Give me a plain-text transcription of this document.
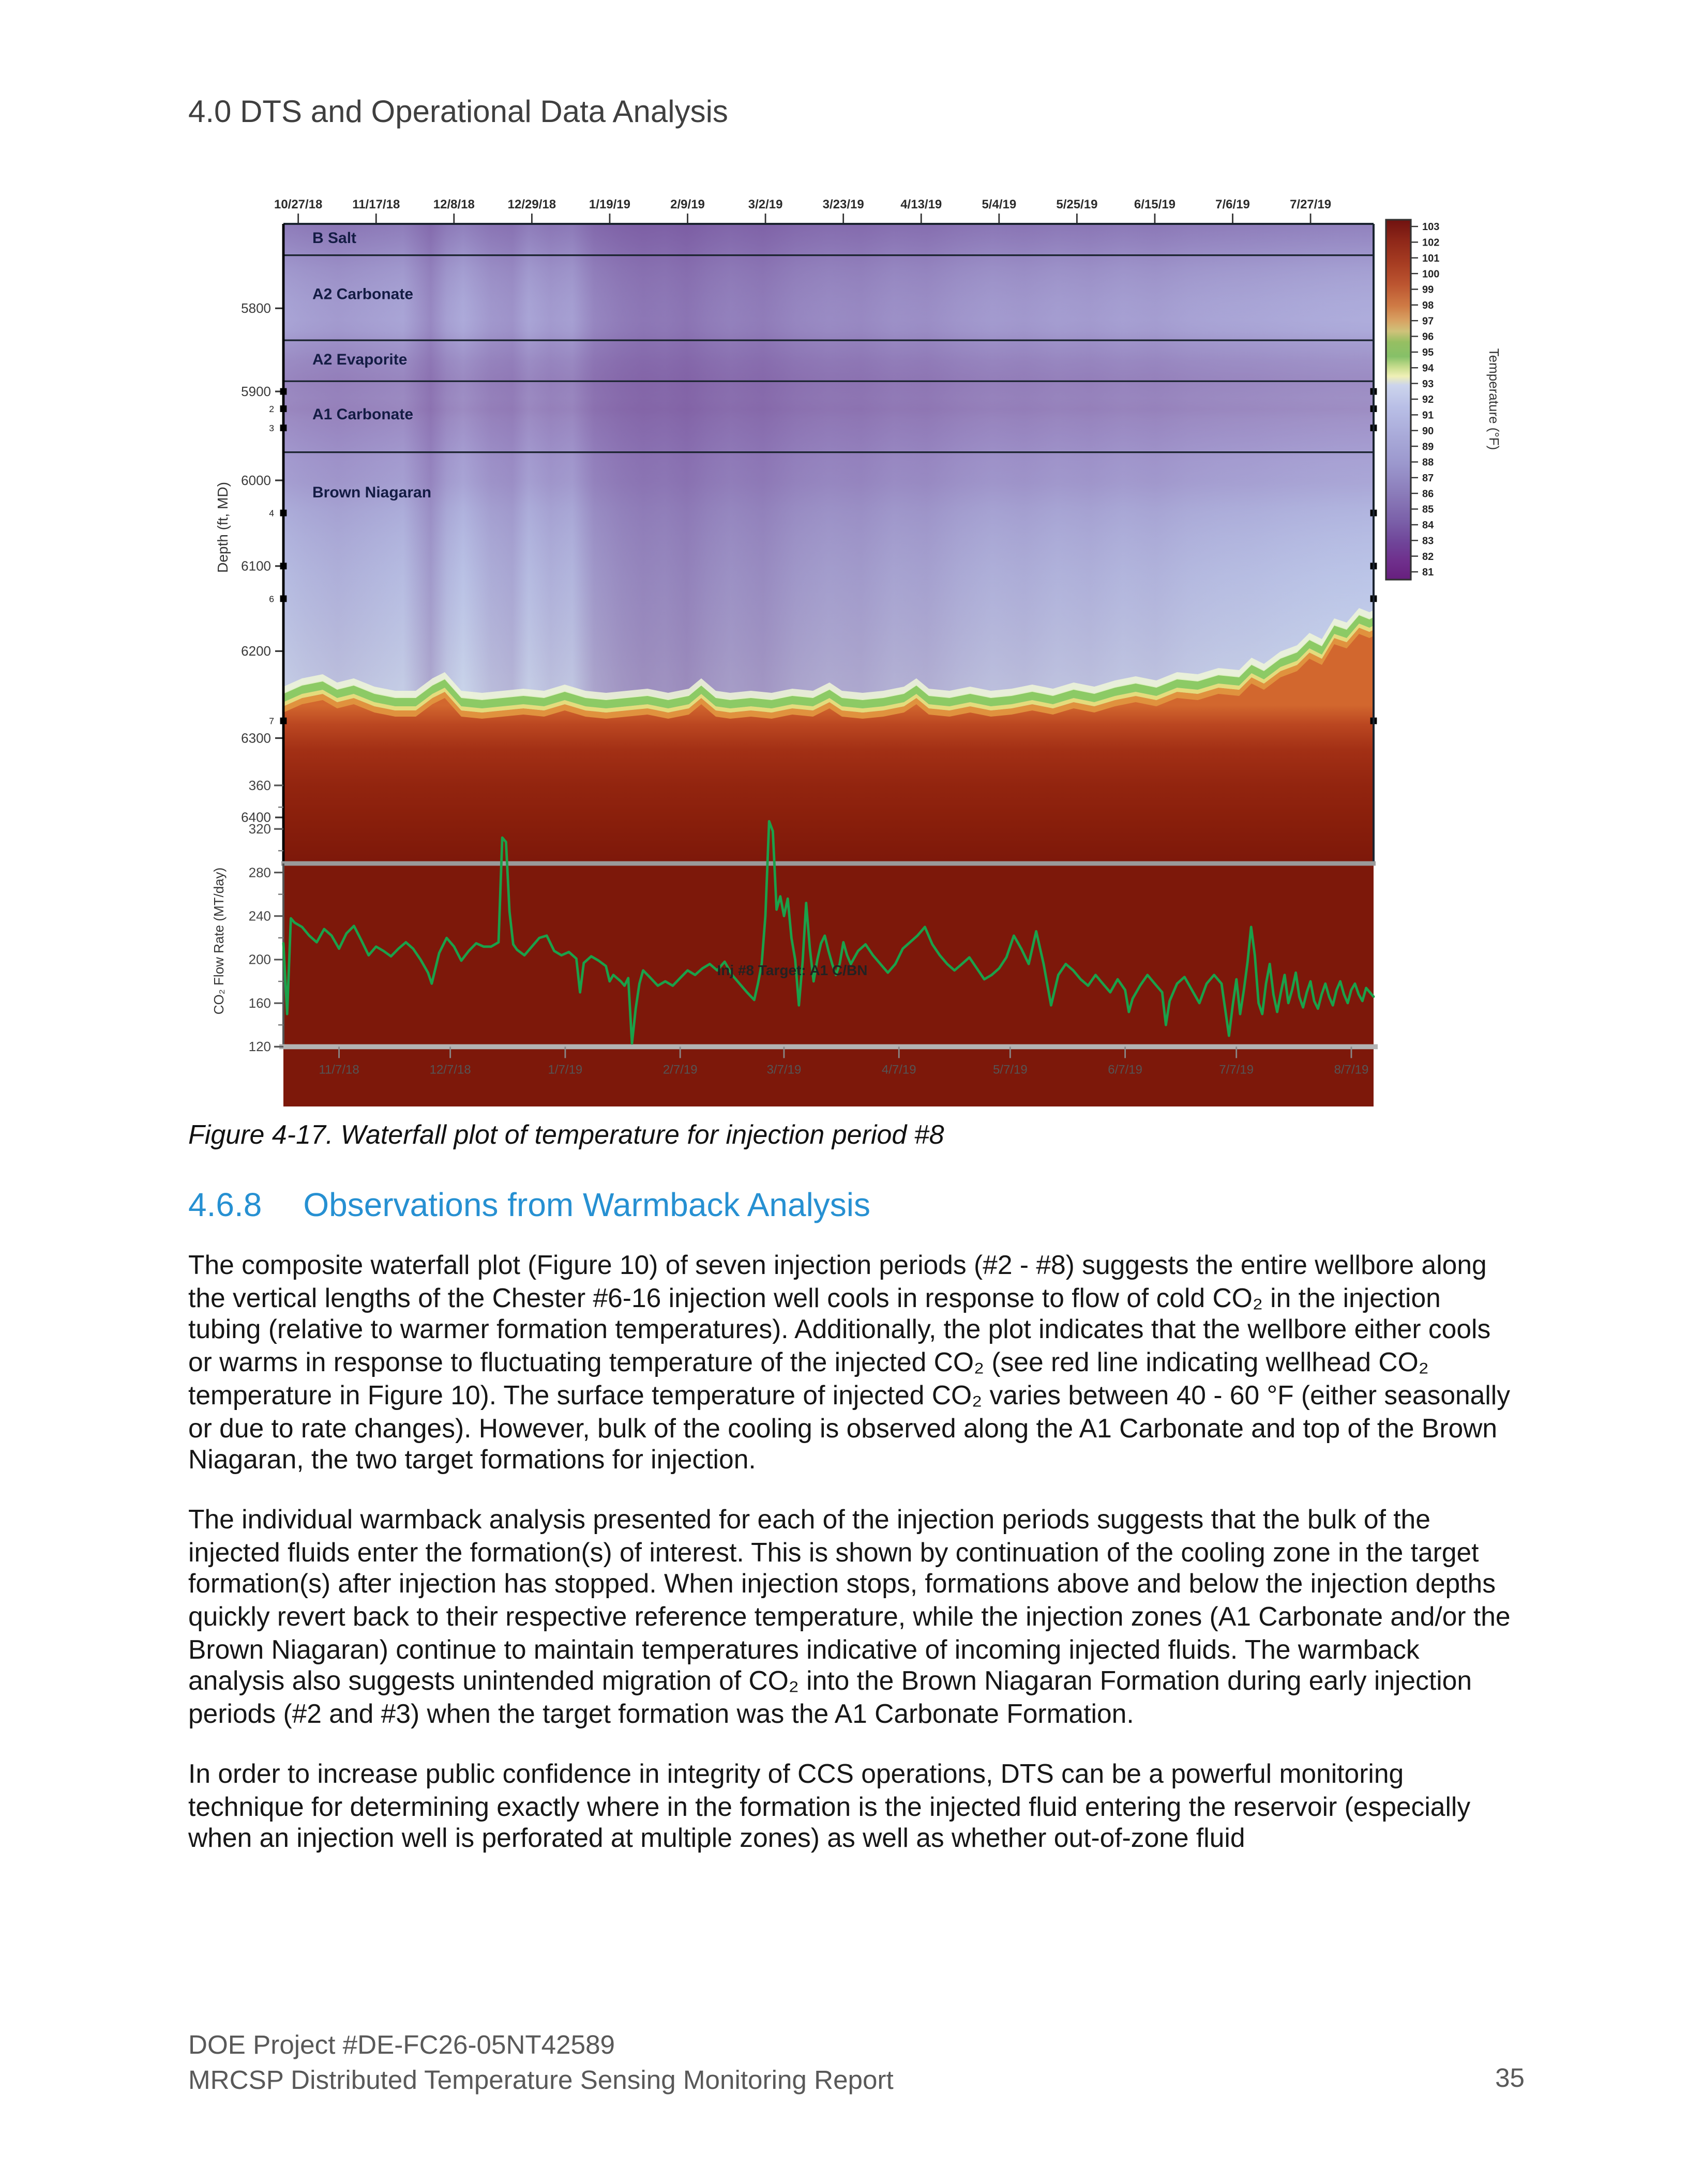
4.0 DTS and Operational Data Analysis
B Salt
A2 Carbonate
A2 Evaporite
A1 Carbonate
Brown Niagaran
10/27/18	11/17/18	12/8/18	12/29/18	1/19/19	2/9/19	3/2/19	3/23/19	4/13/19	5/4/19	5/25/19	6/15/19	7/6/19	7/27/19
5800
5900
6000
6100
6200
6300
6400
Depth (ft, MD)
2
3
4
6
7
103
102
101
100
99
98
97
96
95
94
93
92
91
90
89
88
87
86
85
84
83
82
81
Temperature (°F)
360
320
280
240
200
160
120
CO₂ Flow Rate (MT/day)
11/7/18	12/7/18	1/7/19	2/7/19	3/7/19	4/7/19	5/7/19	6/7/19	7/7/19	8/7/19
Inj #8 Target: A1 C/BN
Figure 4-17. Waterfall plot of temperature for injection period #8
4.6.8	Observations from Warmback Analysis

The composite waterfall plot (Figure 10) of seven injection periods (#2 - #8) suggests the entire wellbore along the vertical lengths of the Chester #6-16 injection well cools in response to flow of cold CO₂ in the injection tubing (relative to warmer formation temperatures). Additionally, the plot indicates that the wellbore either cools or warms in response to fluctuating temperature of the injected CO₂ (see red line indicating wellhead CO₂ temperature in Figure 10). The surface temperature of injected CO₂ varies between 40 - 60 °F (either seasonally or due to rate changes). However, bulk of the cooling is observed along the A1 Carbonate and top of the Brown Niagaran, the two target formations for injection.

The individual warmback analysis presented for each of the injection periods suggests that the bulk of the injected fluids enter the formation(s) of interest. This is shown by continuation of the cooling zone in the target formation(s) after injection has stopped. When injection stops, formations above and below the injection depths quickly revert back to their respective reference temperature, while the injection zones (A1 Carbonate and/or the Brown Niagaran) continue to maintain temperatures indicative of incoming injected fluids. The warmback analysis also suggests unintended migration of CO₂ into the Brown Niagaran Formation during early injection periods (#2 and #3) when the target formation was the A1 Carbonate Formation.

In order to increase public confidence in integrity of CCS operations, DTS can be a powerful monitoring technique for determining exactly where in the formation is the injected fluid entering the reservoir (especially when an injection well is perforated at multiple zones) as well as whether out-of-zone fluid

DOE Project #DE-FC26-05NT42589
MRCSP Distributed Temperature Sensing Monitoring Report	35
